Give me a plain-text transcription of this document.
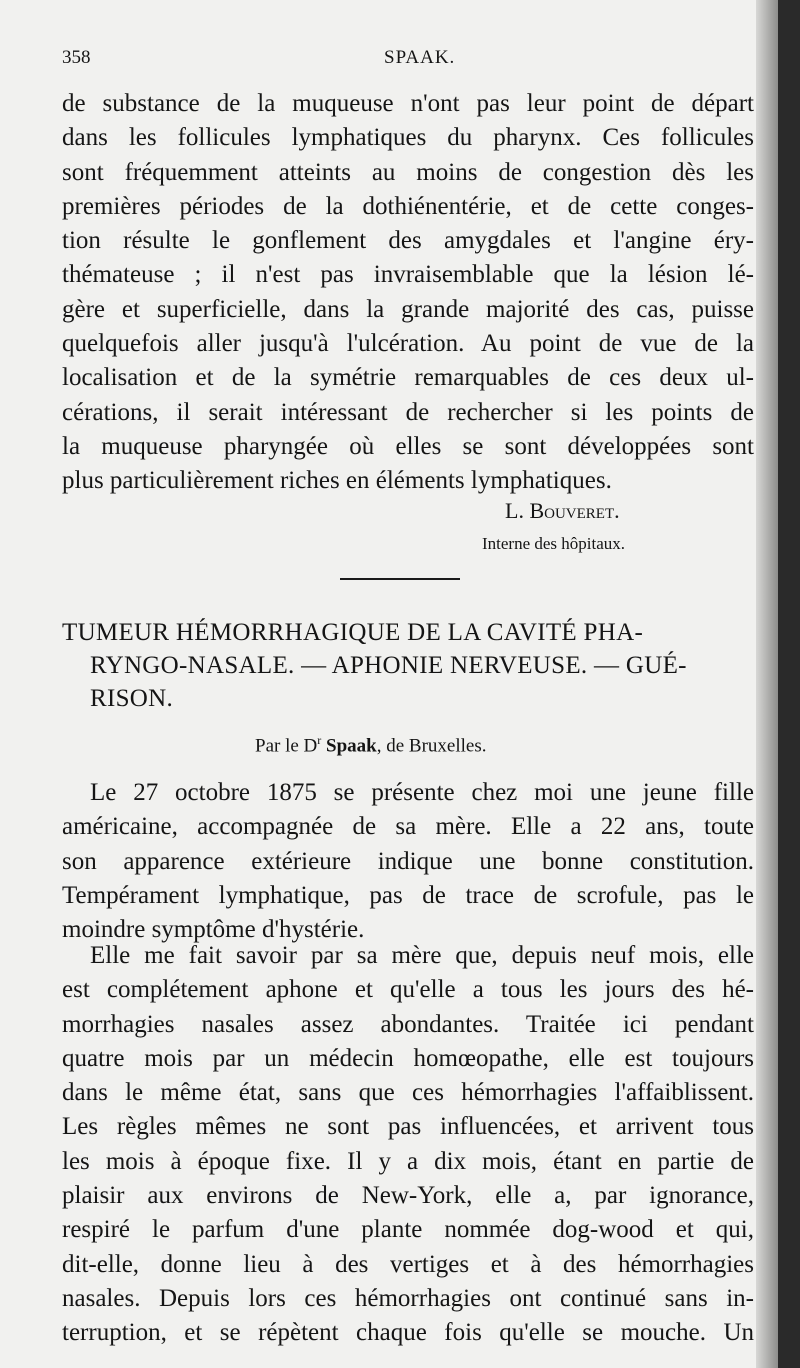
358	SPAAK.
de substance de la muqueuse n'ont pas leur point de départ
dans les follicules lymphatiques du pharynx. Ces follicules
sont fréquemment atteints au moins de congestion dès les
premières périodes de la dothiénentérie, et de cette conges-
tion résulte le gonflement des amygdales et l'angine éry-
thémateuse ; il n'est pas invraisemblable que la lésion lé-
gère et superficielle, dans la grande majorité des cas, puisse
quelquefois aller jusqu'à l'ulcération. Au point de vue de la
localisation et de la symétrie remarquables de ces deux ul-
cérations, il serait intéressant de rechercher si les points de
la muqueuse pharyngée où elles se sont développées sont
plus particulièrement riches en éléments lymphatiques.
L. Bouveret.
Interne des hôpitaux.
TUMEUR HÉMORRHAGIQUE DE LA CAVITÉ PHA-
RYNGO-NASALE. — APHONIE NERVEUSE. — GUÉ-
RISON.
Par le $D^r$ Spaak, de Bruxelles.
Le 27 octobre 1875 se présente chez moi une jeune fille
américaine, accompagnée de sa mère. Elle a 22 ans, toute
son apparence extérieure indique une bonne constitution.
Tempérament lymphatique, pas de trace de scrofule, pas le
moindre symptôme d'hystérie.
Elle me fait savoir par sa mère que, depuis neuf mois, elle
est complétement aphone et qu'elle a tous les jours des hé-
morrhagies nasales assez abondantes. Traitée ici pendant
quatre mois par un médecin homœopathe, elle est toujours
dans le même état, sans que ces hémorrhagies l'affaiblissent.
Les règles mêmes ne sont pas influencées, et arrivent tous
les mois à époque fixe. Il y a dix mois, étant en partie de
plaisir aux environs de New-York, elle a, par ignorance,
respiré le parfum d'une plante nommée dog-wood et qui,
dit-elle, donne lieu à des vertiges et à des hémorrhagies
nasales. Depuis lors ces hémorrhagies ont continué sans in-
terruption, et se répètent chaque fois qu'elle se mouche. Un
